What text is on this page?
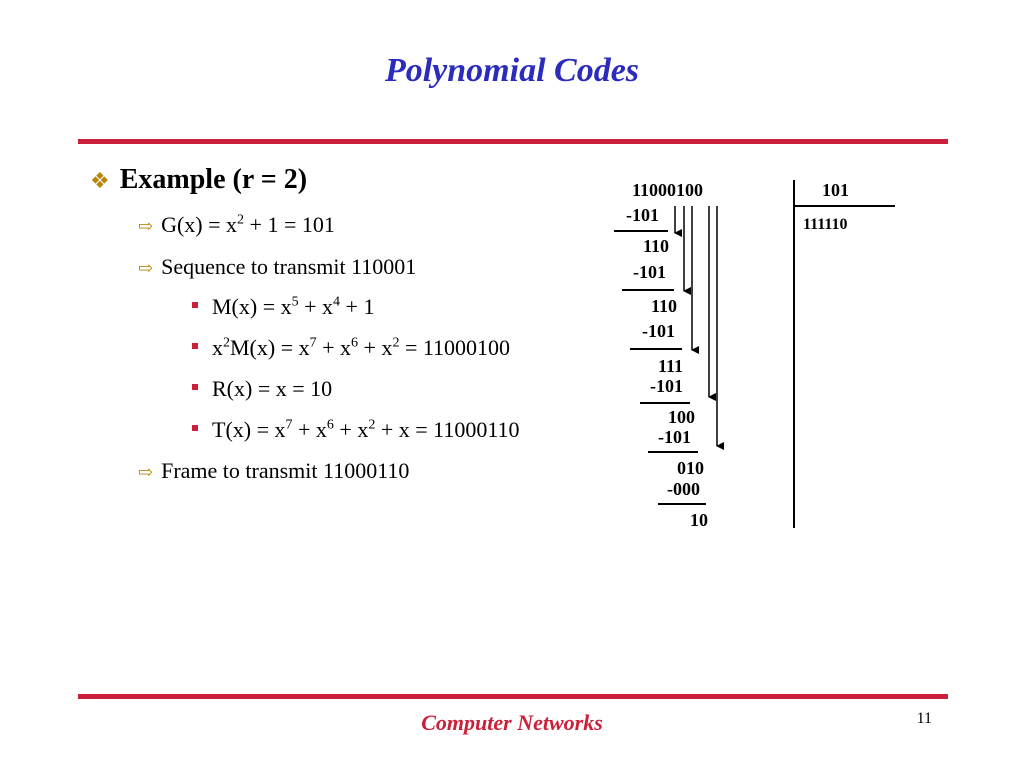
Polynomial Codes
❖ Example (r = 2)
⇨ $G(x) = x^2 + 1 = 101$
⇨ Sequence to transmit 110001
$M(x) = x^5 + x^4 + 1$
$x^2M(x) = x^7 + x^6 + x^2 = 11000100$
R(x) = x = 10
$T(x) = x^7 + x^6 + x^2 + x = 11000110$
⇨ Frame to transmit 11000110
11000100	101
111110
-101
110
-101
110
-101
111
-101
100
-101
010
-000
10
Computer Networks	11
